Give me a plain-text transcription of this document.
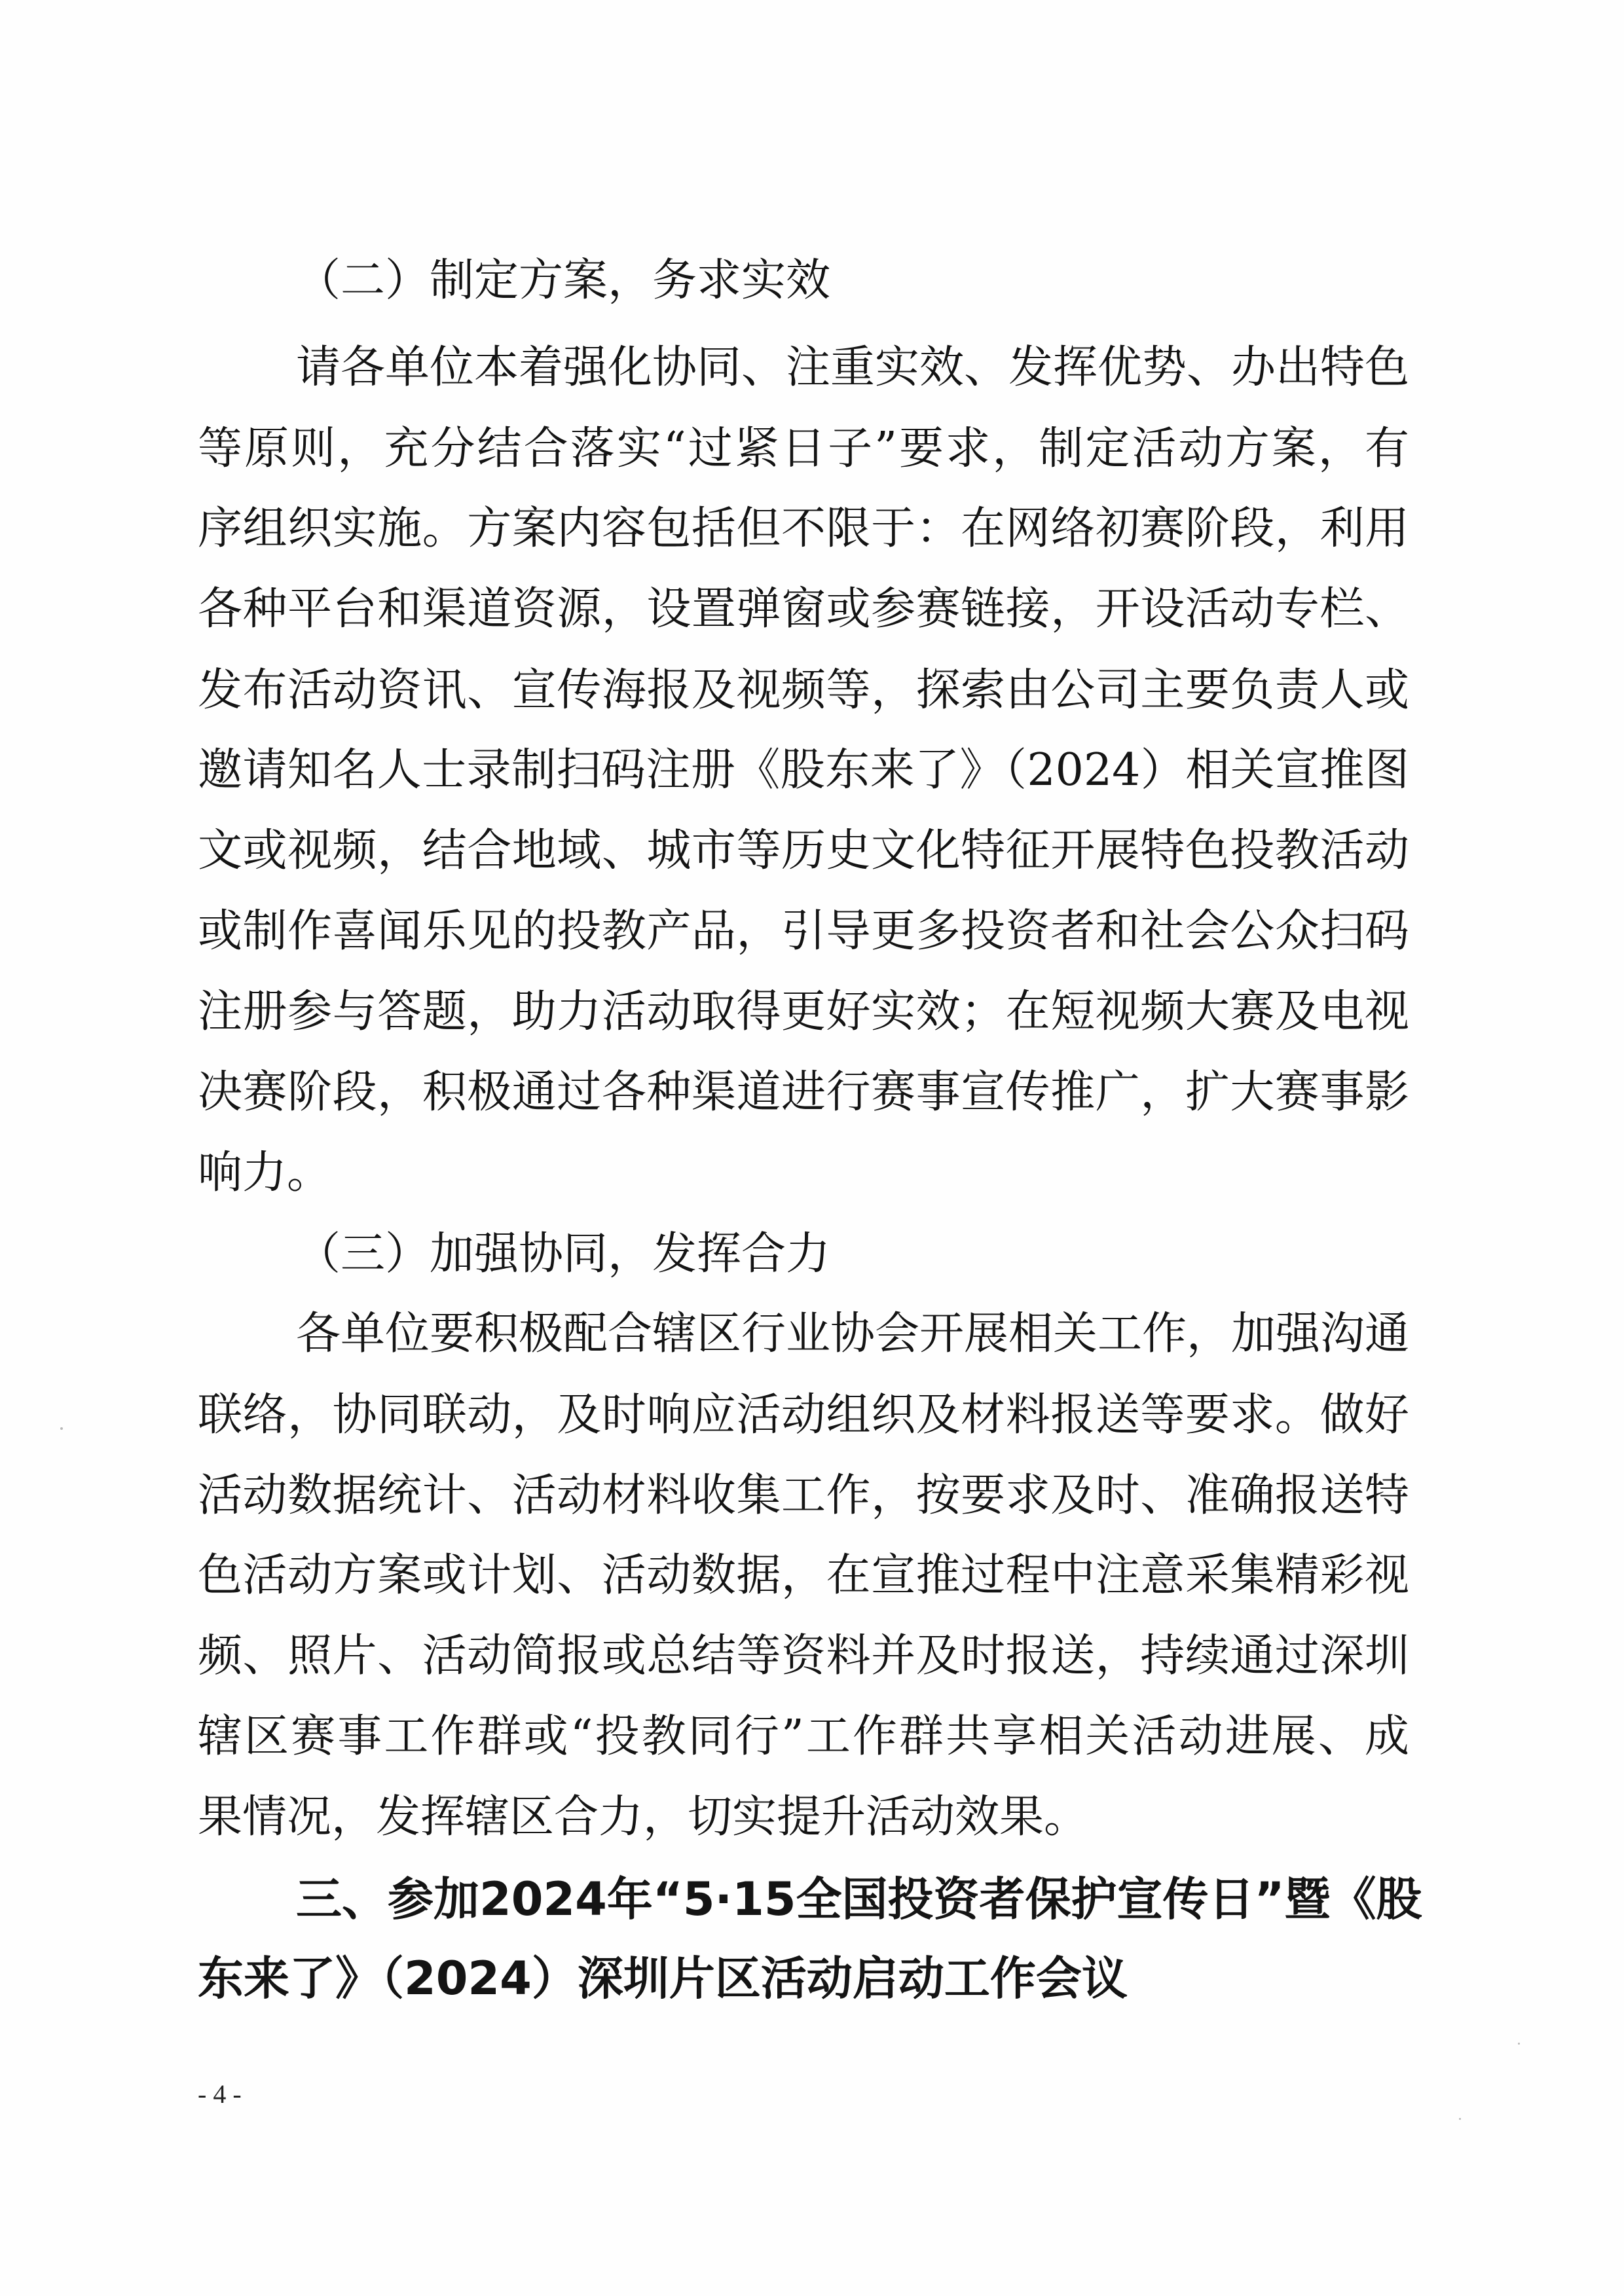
（二）制定方案，务求实效

请各单位本着强化协同、注重实效、发挥优势、办出特色

等原则，充分结合落实“过紧日子”要求，制定活动方案，有

序组织实施。方案内容包括但不限于：在网络初赛阶段，利用

各种平台和渠道资源，设置弹窗或参赛链接，开设活动专栏、

发布活动资讯、宣传海报及视频等，探索由公司主要负责人或

邀请知名人士录制扫码注册《股东来了》（2024）相关宣推图

文或视频，结合地域、城市等历史文化特征开展特色投教活动

或制作喜闻乐见的投教产品，引导更多投资者和社会公众扫码

注册参与答题，助力活动取得更好实效；在短视频大赛及电视

决赛阶段，积极通过各种渠道进行赛事宣传推广，扩大赛事影

响力。

（三）加强协同，发挥合力

各单位要积极配合辖区行业协会开展相关工作，加强沟通

联络，协同联动，及时响应活动组织及材料报送等要求。做好

活动数据统计、活动材料收集工作，按要求及时、准确报送特

色活动方案或计划、活动数据，在宣推过程中注意采集精彩视

频、照片、活动简报或总结等资料并及时报送，持续通过深圳

辖区赛事工作群或“投教同行”工作群共享相关活动进展、成

果情况，发挥辖区合力，切实提升活动效果。

三、参加2024年“5·15全国投资者保护宣传日”暨《股

东来了》（2024）深圳片区活动启动工作会议

- 4 -
